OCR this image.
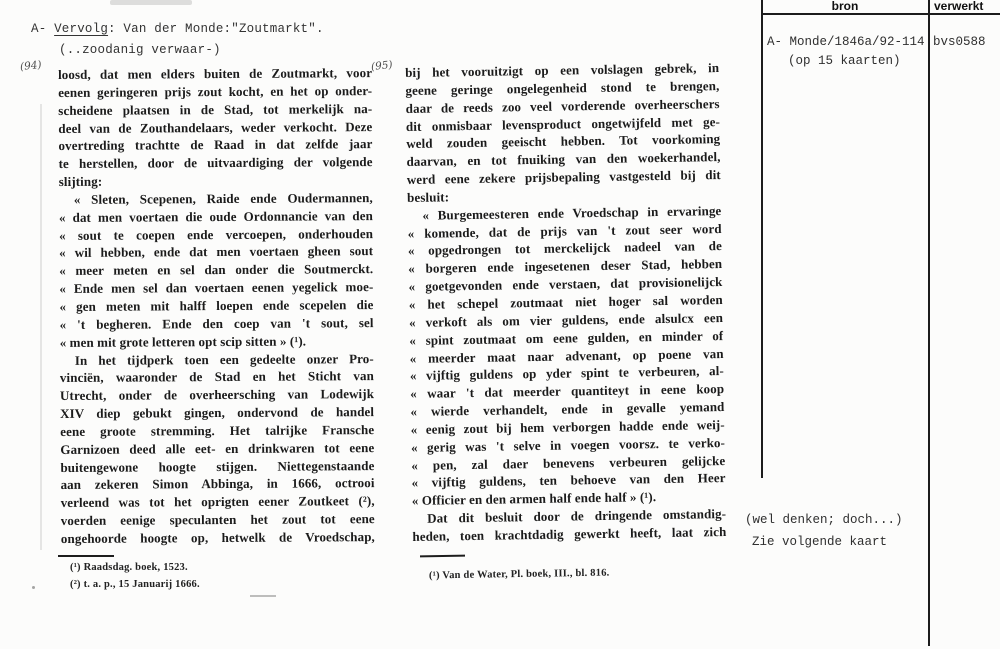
A- Vervolg: Van der Monde:"Zoutmarkt".
(..zoodanig verwaar-)
(94)	(95)
loosd, dat men elders buiten de Zoutmarkt, voor
eenen geringeren prijs zout kocht, en het op onder-
scheidene plaatsen in de Stad, tot merkelijk na-
deel van de Zouthandelaars, weder verkocht. Deze
overtreding trachtte de Raad in dat zelfde jaar
te herstellen, door de uitvaardiging der volgende
slijting:
« Sleten, Scepenen, Raide ende Oudermannen,
« dat men voertaen die oude Ordonnancie van den
« sout te coepen ende vercoepen, onderhouden
« wil hebben, ende dat men voertaen gheen sout
« meer meten en sel dan onder die Soutmerckt.
« Ende men sel dan voertaen eenen yegelick moe-
« gen meten mit halff loepen ende scepelen die
« 't begheren. Ende den coep van 't sout, sel
« men mit grote letteren opt scip sitten » (¹).
In het tijdperk toen een gedeelte onzer Pro-
vinciën, waaronder de Stad en het Sticht van
Utrecht, onder de overheersching van Lodewijk
XIV diep gebukt gingen, ondervond de handel
eene groote stremming. Het talrijke Fransche
Garnizoen deed alle eet- en drinkwaren tot eene
buitengewone hoogte stijgen. Niettegenstaande
aan zekeren Simon Abbinga, in 1666, octrooi
verleend was tot het oprigten eener Zoutkeet (²),
voerden eenige speculanten het zout tot eene
ongehoorde hoogte op, hetwelk de Vroedschap,
bij het vooruitzigt op een volslagen gebrek, in
geene geringe ongelegenheid stond te brengen,
daar de reeds zoo veel vorderende overheerschers
dit onmisbaar levensproduct ongetwijfeld met ge-
weld zouden geeischt hebben. Tot voorkoming
daarvan, en tot fnuiking van den woekerhandel,
werd eene zekere prijsbepaling vastgesteld bij dit
besluit:
« Burgemeesteren ende Vroedschap in ervaringe
« komende, dat de prijs van 't zout seer word
« opgedrongen tot merckelijck nadeel van de
« borgeren ende ingesetenen deser Stad, hebben
« goetgevonden ende verstaen, dat provisionelijck
« het schepel zoutmaat niet hoger sal worden
« verkoft als om vier guldens, ende alsulcx een
« spint zoutmaat om eene gulden, en minder of
« meerder maat naar advenant, op poene van
« vijftig guldens op yder spint te verbeuren, al-
« waar 't dat meerder quantiteyt in eene koop
« wierde verhandelt, ende in gevalle yemand
« eenig zout bij hem verborgen hadde ende weij-
« gerig was 't selve in voegen voorsz. te verko-
« pen, zal daer benevens verbeuren gelijcke
« vijftig guldens, ten behoeve van den Heer
« Officier en den armen half ende half » (¹).
Dat dit besluit door de dringende omstandig-
heden, toen krachtdadig gewerkt heeft, laat zich
(¹) Raadsdag. boek, 1523.
(²) t. a. p., 15 Januarij 1666.
(¹) Van de Water, Pl. boek, III., bl. 816.
bron	verwerkt
A- Monde/1846a/92-114
(op 15 kaarten)
bvs0588
(wel denken; doch...)
Zie volgende kaart
